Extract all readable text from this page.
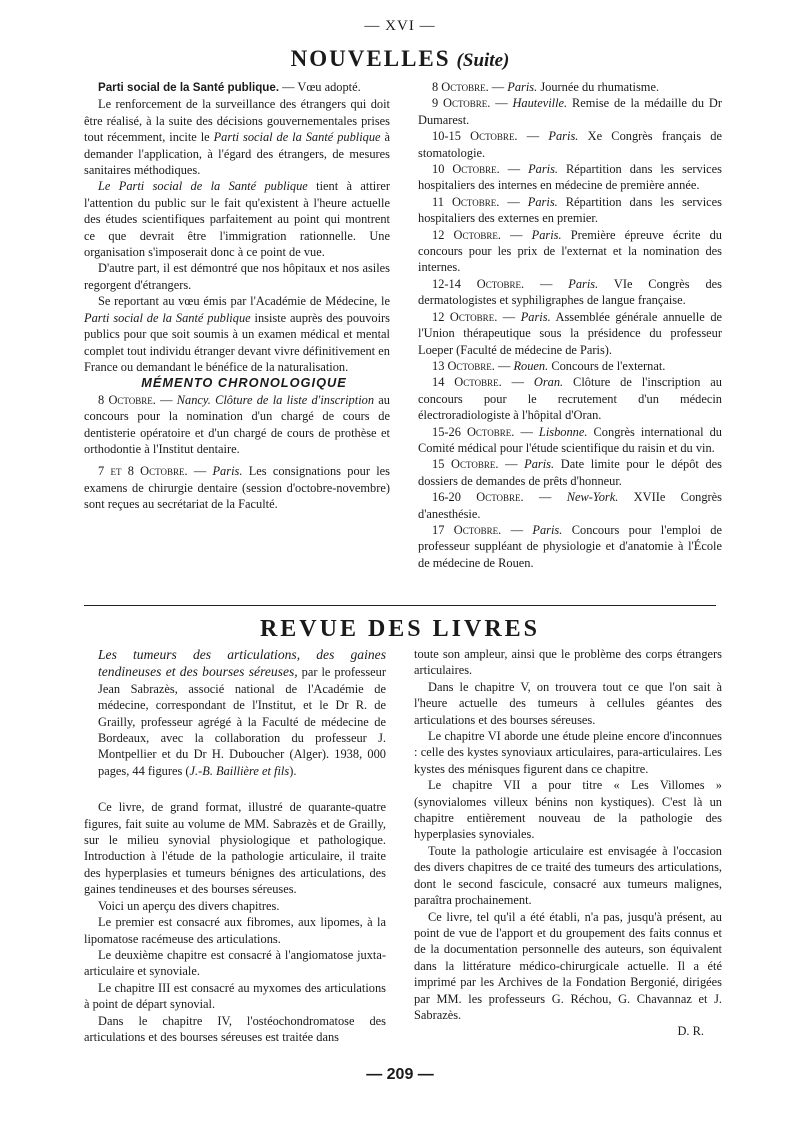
— XVI —
NOUVELLES (Suite)

Parti social de la Santé publique. — Vœu adopté.

Le renforcement de la surveillance des étrangers qui doit être réalisé, à la suite des décisions gouvernementales prises tout récemment, incite le Parti social de la Santé publique à demander l'application, à l'égard des étrangers, de mesures sanitaires méthodiques.

Le Parti social de la Santé publique tient à attirer l'attention du public sur le fait qu'existent à l'heure actuelle des études scientifiques parfaitement au point qui montrent ce que devrait être l'immigration rationnelle. Une organisation s'imposerait donc à ce point de vue.

D'autre part, il est démontré que nos hôpitaux et nos asiles regorgent d'étrangers.

Se reportant au vœu émis par l'Académie de Médecine, le Parti social de la Santé publique insiste auprès des pouvoirs publics pour que soit soumis à un examen médical et mental complet tout individu étranger devant vivre définitivement en France ou demandant le bénéfice de la naturalisation.

MÉMENTO CHRONOLOGIQUE

8 Octobre. — Nancy. Clôture de la liste d'inscription au concours pour la nomination d'un chargé de cours de dentisterie opératoire et d'un chargé de cours de prothèse et orthodontie à l'Institut dentaire.

7 et 8 Octobre. — Paris. Les consignations pour les examens de chirurgie dentaire (session d'octobre-novembre) sont reçues au secrétariat de la Faculté.

8 Octobre. — Paris. Journée du rhumatisme.

9 Octobre. — Hauteville. Remise de la médaille du Dr Dumarest.

10-15 Octobre. — Paris. Xe Congrès français de stomatologie.

10 Octobre. — Paris. Répartition dans les services hospitaliers des internes en médecine de première année.

11 Octobre. — Paris. Répartition dans les services hospitaliers des externes en premier.

12 Octobre. — Paris. Première épreuve écrite du concours pour les prix de l'externat et la nomination des internes.

12-14 Octobre. — Paris. VIe Congrès des dermatologistes et syphiligraphes de langue française.

12 Octobre. — Paris. Assemblée générale annuelle de l'Union thérapeutique sous la présidence du professeur Loeper (Faculté de médecine de Paris).

13 Octobre. — Rouen. Concours de l'externat.

14 Octobre. — Oran. Clôture de l'inscription au concours pour le recrutement d'un médecin électroradiologiste à l'hôpital d'Oran.

15-26 Octobre. — Lisbonne. Congrès international du Comité médical pour l'étude scientifique du raisin et du vin.

15 Octobre. — Paris. Date limite pour le dépôt des dossiers de demandes de prêts d'honneur.

16-20 Octobre. — New-York. XVIIe Congrès d'anesthésie.

17 Octobre. — Paris. Concours pour l'emploi de professeur suppléant de physiologie et d'anatomie à l'École de médecine de Rouen.

REVUE DES LIVRES

Les tumeurs des articulations, des gaines tendineuses et des bourses séreuses, par le professeur Jean Sabrazès, associé national de l'Académie de médecine, correspondant de l'Institut, et le Dr R. de Grailly, professeur agrégé à la Faculté de médecine de Bordeaux, avec la collaboration du professeur J. Montpellier et du Dr H. Duboucher (Alger). 1938, 000 pages, 44 figures (J.-B. Baillière et fils).

Ce livre, de grand format, illustré de quarante-quatre figures, fait suite au volume de MM. Sabrazès et de Grailly, sur le milieu synovial physiologique et pathologique. Introduction à l'étude de la pathologie articulaire, il traite des hyperplasies et tumeurs bénignes des articulations, des gaines tendineuses et des bourses séreuses.

Voici un aperçu des divers chapitres.

Le premier est consacré aux fibromes, aux lipomes, à la lipomatose racémeuse des articulations.

Le deuxième chapitre est consacré à l'angiomatose juxta-articulaire et synoviale.

Le chapitre III est consacré au myxomes des articulations à point de départ synovial.

Dans le chapitre IV, l'ostéochondromatose des articulations et des bourses séreuses est traitée dans

toute son ampleur, ainsi que le problème des corps étrangers articulaires.

Dans le chapitre V, on trouvera tout ce que l'on sait à l'heure actuelle des tumeurs à cellules géantes des articulations et des bourses séreuses.

Le chapitre VI aborde une étude pleine encore d'inconnues : celle des kystes synoviaux articulaires, para-articulaires. Les kystes des ménisques figurent dans ce chapitre.

Le chapitre VII a pour titre « Les Villomes » (synovialomes villeux bénins non kystiques). C'est là un chapitre entièrement nouveau de la pathologie des hyperplasies synoviales.

Toute la pathologie articulaire est envisagée à l'occasion des divers chapitres de ce traité des tumeurs des articulations, dont le second fascicule, consacré aux tumeurs malignes, paraîtra prochainement.

Ce livre, tel qu'il a été établi, n'a pas, jusqu'à présent, au point de vue de l'apport et du groupement des faits connus et de la documentation personnelle des auteurs, son équivalent dans la littérature médico-chirurgicale actuelle. Il a été imprimé par les Archives de la Fondation Bergonié, dirigées par MM. les professeurs G. Réchou, G. Chavannaz et J. Sabrazès.

D. R.

— 209 —
